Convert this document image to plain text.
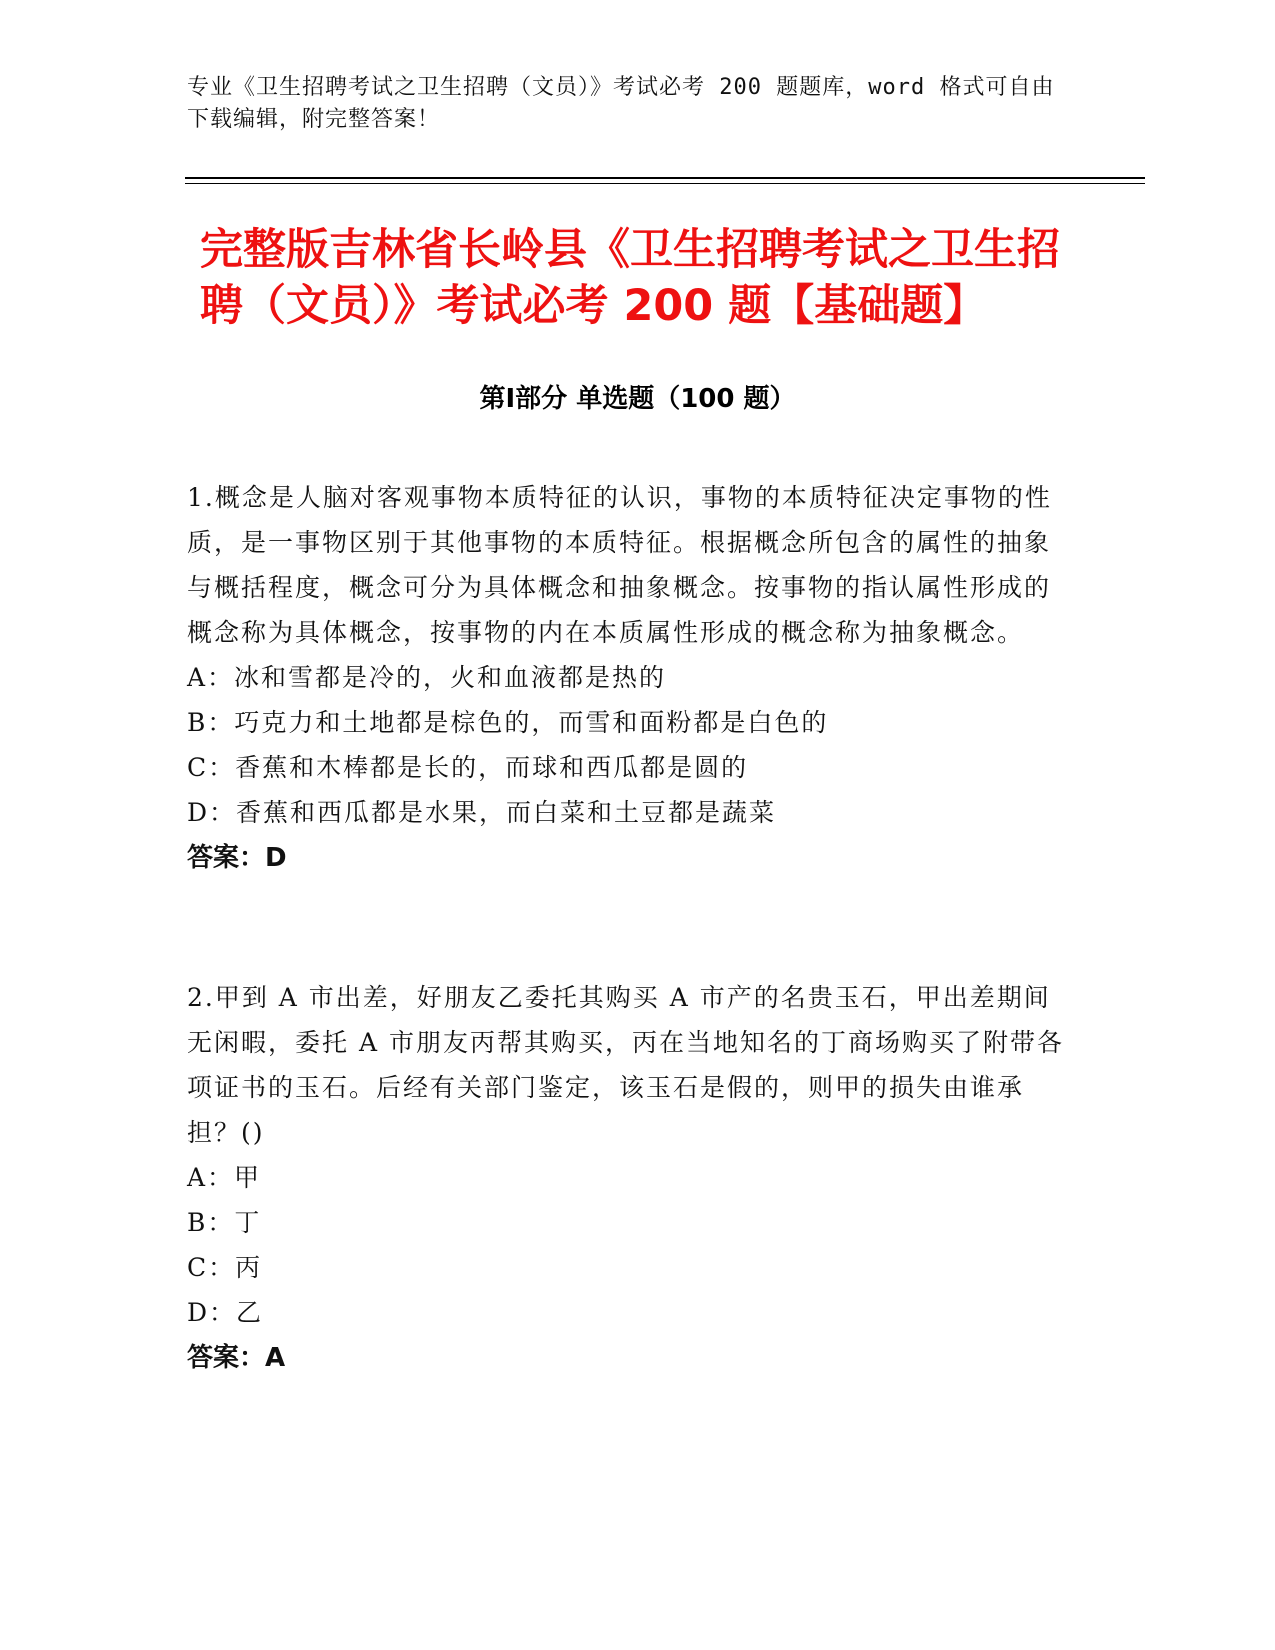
专业《卫生招聘考试之卫生招聘（文员）》考试必考 200 题题库，word 格式可自由下载编辑，附完整答案！
完整版吉林省长岭县《卫生招聘考试之卫生招聘（文员）》考试必考 200 题【基础题】
第Ⅰ部分 单选题（100 题）

1.概念是人脑对客观事物本质特征的认识，事物的本质特征决定事物的性质，是一事物区别于其他事物的本质特征。根据概念所包含的属性的抽象与概括程度，概念可分为具体概念和抽象概念。按事物的指认属性形成的概念称为具体概念，按事物的内在本质属性形成的概念称为抽象概念。

A：冰和雪都是冷的，火和血液都是热的

B：巧克力和土地都是棕色的，而雪和面粉都是白色的

C：香蕉和木棒都是长的，而球和西瓜都是圆的

D：香蕉和西瓜都是水果，而白菜和土豆都是蔬菜

答案：D

2.甲到 A 市出差，好朋友乙委托其购买 A 市产的名贵玉石，甲出差期间无闲暇，委托 A 市朋友丙帮其购买，丙在当地知名的丁商场购买了附带各项证书的玉石。后经有关部门鉴定，该玉石是假的，则甲的损失由谁承担？()

A：甲

B：丁

C：丙

D：乙

答案：A
